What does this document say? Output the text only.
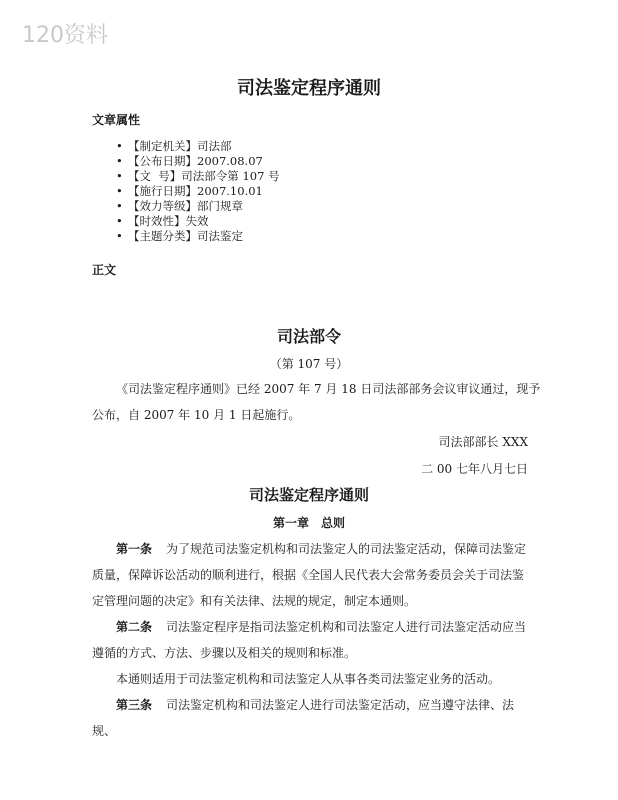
120资料
司法鉴定程序通则
文章属性
• 【制定机关】司法部
• 【公布日期】2007.08.07
• 【文  号】司法部令第 107 号
• 【施行日期】2007.10.01
• 【效力等级】部门规章
• 【时效性】失效
• 【主题分类】司法鉴定
正文
司法部令
（第 107 号）
《司法鉴定程序通则》已经 2007 年 7 月 18 日司法部部务会议审议通过，现予
公布，自 2007 年 10 月 1 日起施行。
司法部部长 XXX
二 00 七年八月七日
司法鉴定程序通则
第一章　总则
第一条 为了规范司法鉴定机构和司法鉴定人的司法鉴定活动，保障司法鉴定质量，保障诉讼活动的顺利进行，根据《全国人民代表大会常务委员会关于司法鉴定管理问题的决定》和有关法律、法规的规定，制定本通则。
第二条 司法鉴定程序是指司法鉴定机构和司法鉴定人进行司法鉴定活动应当遵循的方式、方法、步骤以及相关的规则和标准。
本通则适用于司法鉴定机构和司法鉴定人从事各类司法鉴定业务的活动。
第三条 司法鉴定机构和司法鉴定人进行司法鉴定活动，应当遵守法律、法规、
